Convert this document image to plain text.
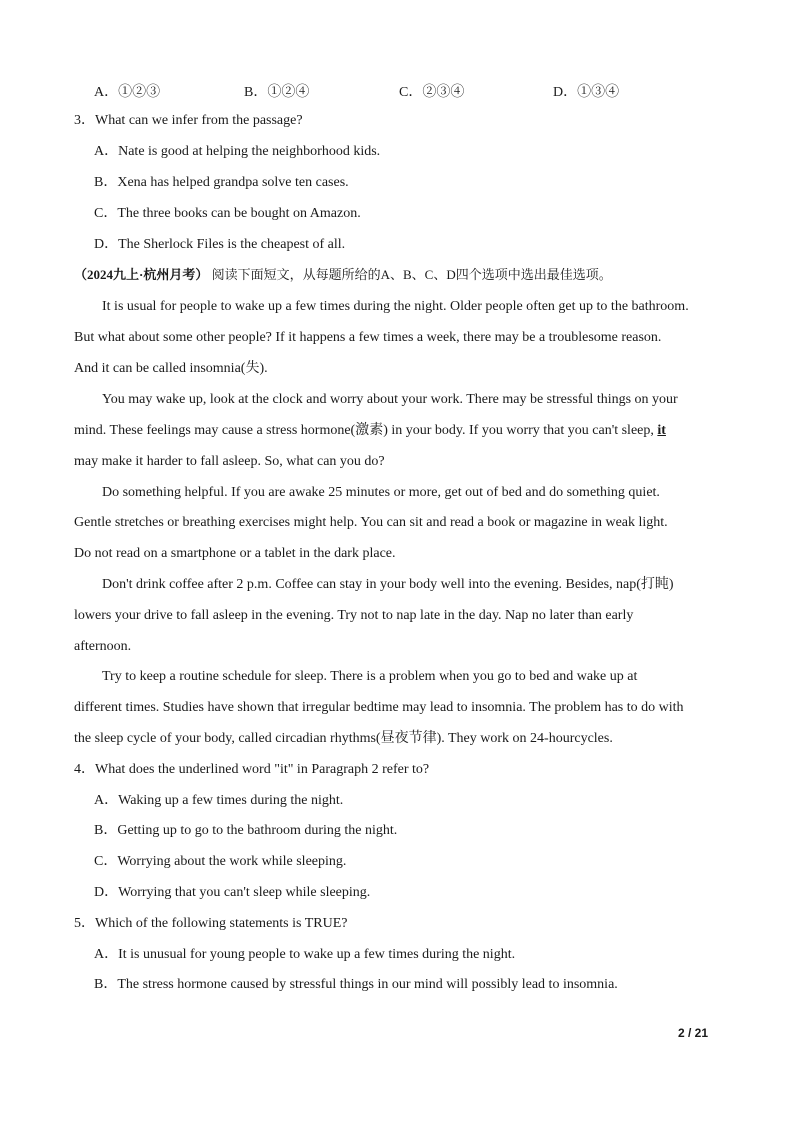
A．①②③	B．①②④	C．②③④	D．①③④
3．What can we infer from the passage?
A．Nate is good at helping the neighborhood kids.
B．Xena has helped grandpa solve ten cases.
C．The three books can be bought on Amazon.
D．The Sherlock Files is the cheapest of all.
（2024九上·杭州月考） 阅读下面短文，从每题所给的A、B、C、D四个选项中选出最佳选项。
It is usual for people to wake up a few times during the night. Older people often get up to the bathroom.
But what about some other people? If it happens a few times a week, there may be a troublesome reason.
And it can be called insomnia(失).
You may wake up, look at the clock and worry about your work. There may be stressful things on your
mind. These feelings may cause a stress hormone(激素) in your body. If you worry that you can't sleep, it
may make it harder to fall asleep. So, what can you do?
Do something helpful. If you are awake 25 minutes or more, get out of bed and do something quiet.
Gentle stretches or breathing exercises might help. You can sit and read a book or magazine in weak light.
Do not read on a smartphone or a tablet in the dark place.
Don't drink coffee after 2 p.m. Coffee can stay in your body well into the evening. Besides, nap(打盹)
lowers your drive to fall asleep in the evening. Try not to nap late in the day. Nap no later than early
afternoon.
Try to keep a routine schedule for sleep. There is a problem when you go to bed and wake up at
different times. Studies have shown that irregular bedtime may lead to insomnia. The problem has to do with
the sleep cycle of your body, called circadian rhythms(昼夜节律). They work on 24-hourcycles.
4．What does the underlined word "it" in Paragraph 2 refer to?
A．Waking up a few times during the night.
B．Getting up to go to the bathroom during the night.
C．Worrying about the work while sleeping.
D．Worrying that you can't sleep while sleeping.
5．Which of the following statements is TRUE?
A．It is unusual for young people to wake up a few times during the night.
B．The stress hormone caused by stressful things in our mind will possibly lead to insomnia.
2 / 21
